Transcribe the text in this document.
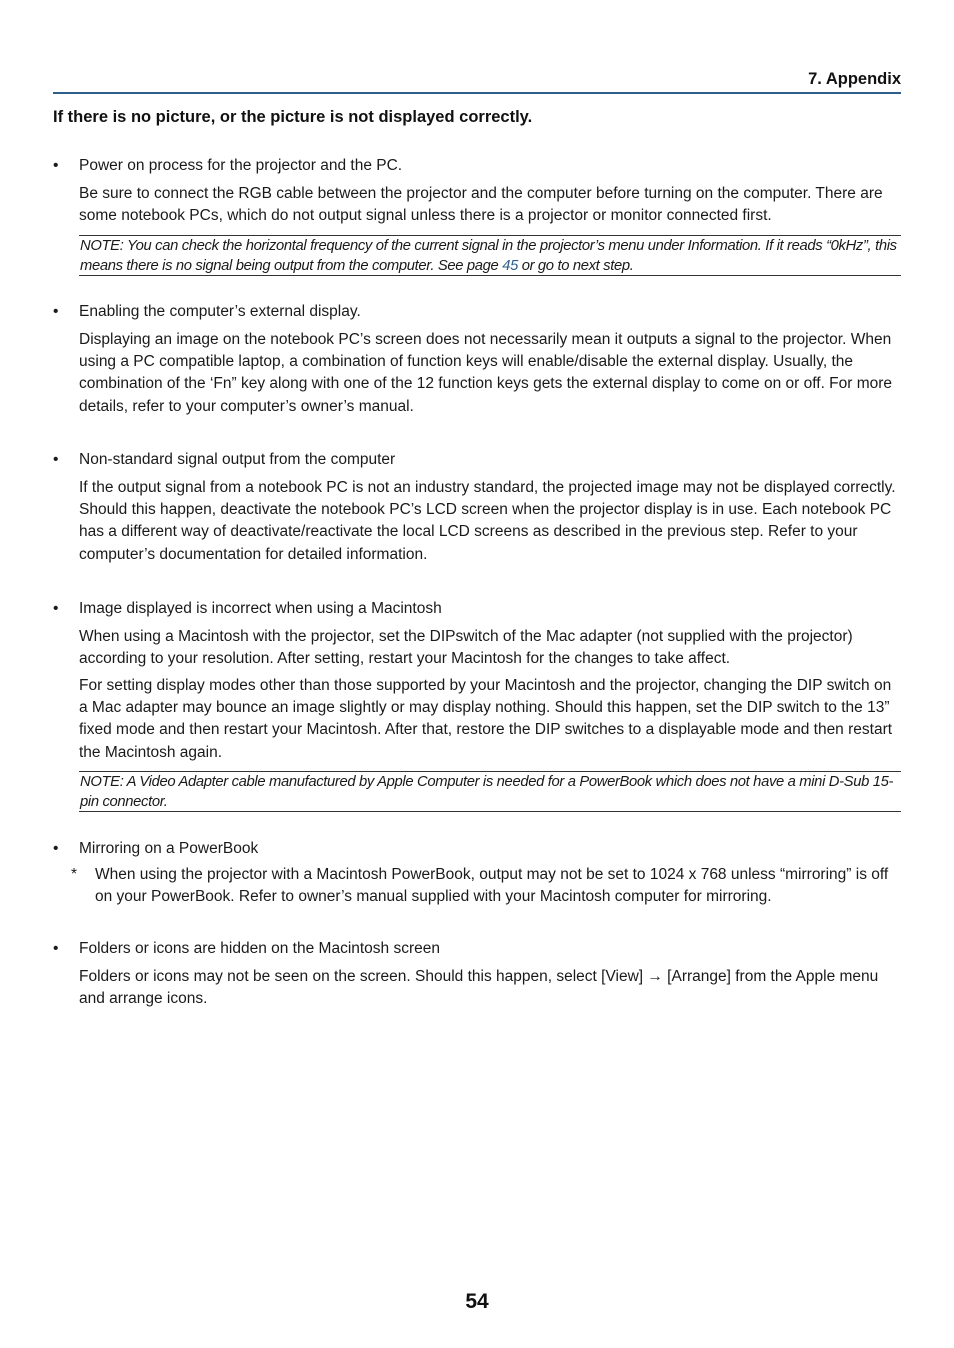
7. Appendix
If there is no picture, or the picture is not displayed correctly.
•	Power on process for the projector and the PC.
Be sure to connect the RGB cable between the projector and the computer before turning on the computer. There are some notebook PCs, which do not output signal unless there is a projector or monitor connected first.
NOTE: You can check the horizontal frequency of the current signal in the projector’s menu under Information. If it reads “0kHz”, this means there is no signal being output from the computer. See page 45 or go to next step.
•	Enabling the computer’s external display.
Displaying an image on the notebook PC’s screen does not necessarily mean it outputs a signal to the projector. When using a PC compatible laptop, a combination of function keys will enable/disable the external display. Usually, the combination of the ‘Fn” key along with one of the 12 function keys gets the external display to come on or off. For more details, refer to your computer’s owner’s manual.
•	Non-standard signal output from the computer
If the output signal from a notebook PC is not an industry standard, the projected image may not be displayed correctly. Should this happen, deactivate the notebook PC’s LCD screen when the projector display is in use. Each notebook PC has a different way of deactivate/reactivate the local LCD screens as described in the previous step. Refer to your computer’s documentation for detailed information.
•	Image displayed is incorrect when using a Macintosh
When using a Macintosh with the projector, set the DIPswitch of the Mac adapter (not supplied with the projector) according to your resolution. After setting, restart your Macintosh for the changes to take affect.
For setting display modes other than those supported by your Macintosh and the projector, changing the DIP switch on a Mac adapter may bounce an image slightly or may display nothing. Should this happen, set the DIP switch to the 13” fixed mode and then restart your Macintosh. After that, restore the DIP switches to a displayable mode and then restart the Macintosh again.
NOTE: A Video Adapter cable manufactured by Apple Computer is needed for a PowerBook which does not have a mini D-Sub 15-pin connector.
•	Mirroring on a PowerBook
* When using the projector with a Macintosh PowerBook, output may not be set to 1024 x 768 unless “mirroring” is off on your PowerBook. Refer to owner’s manual supplied with your Macintosh computer for mirroring.
•	Folders or icons are hidden on the Macintosh screen
Folders or icons may not be seen on the screen. Should this happen, select [View] → [Arrange] from the Apple menu and arrange icons.
54
